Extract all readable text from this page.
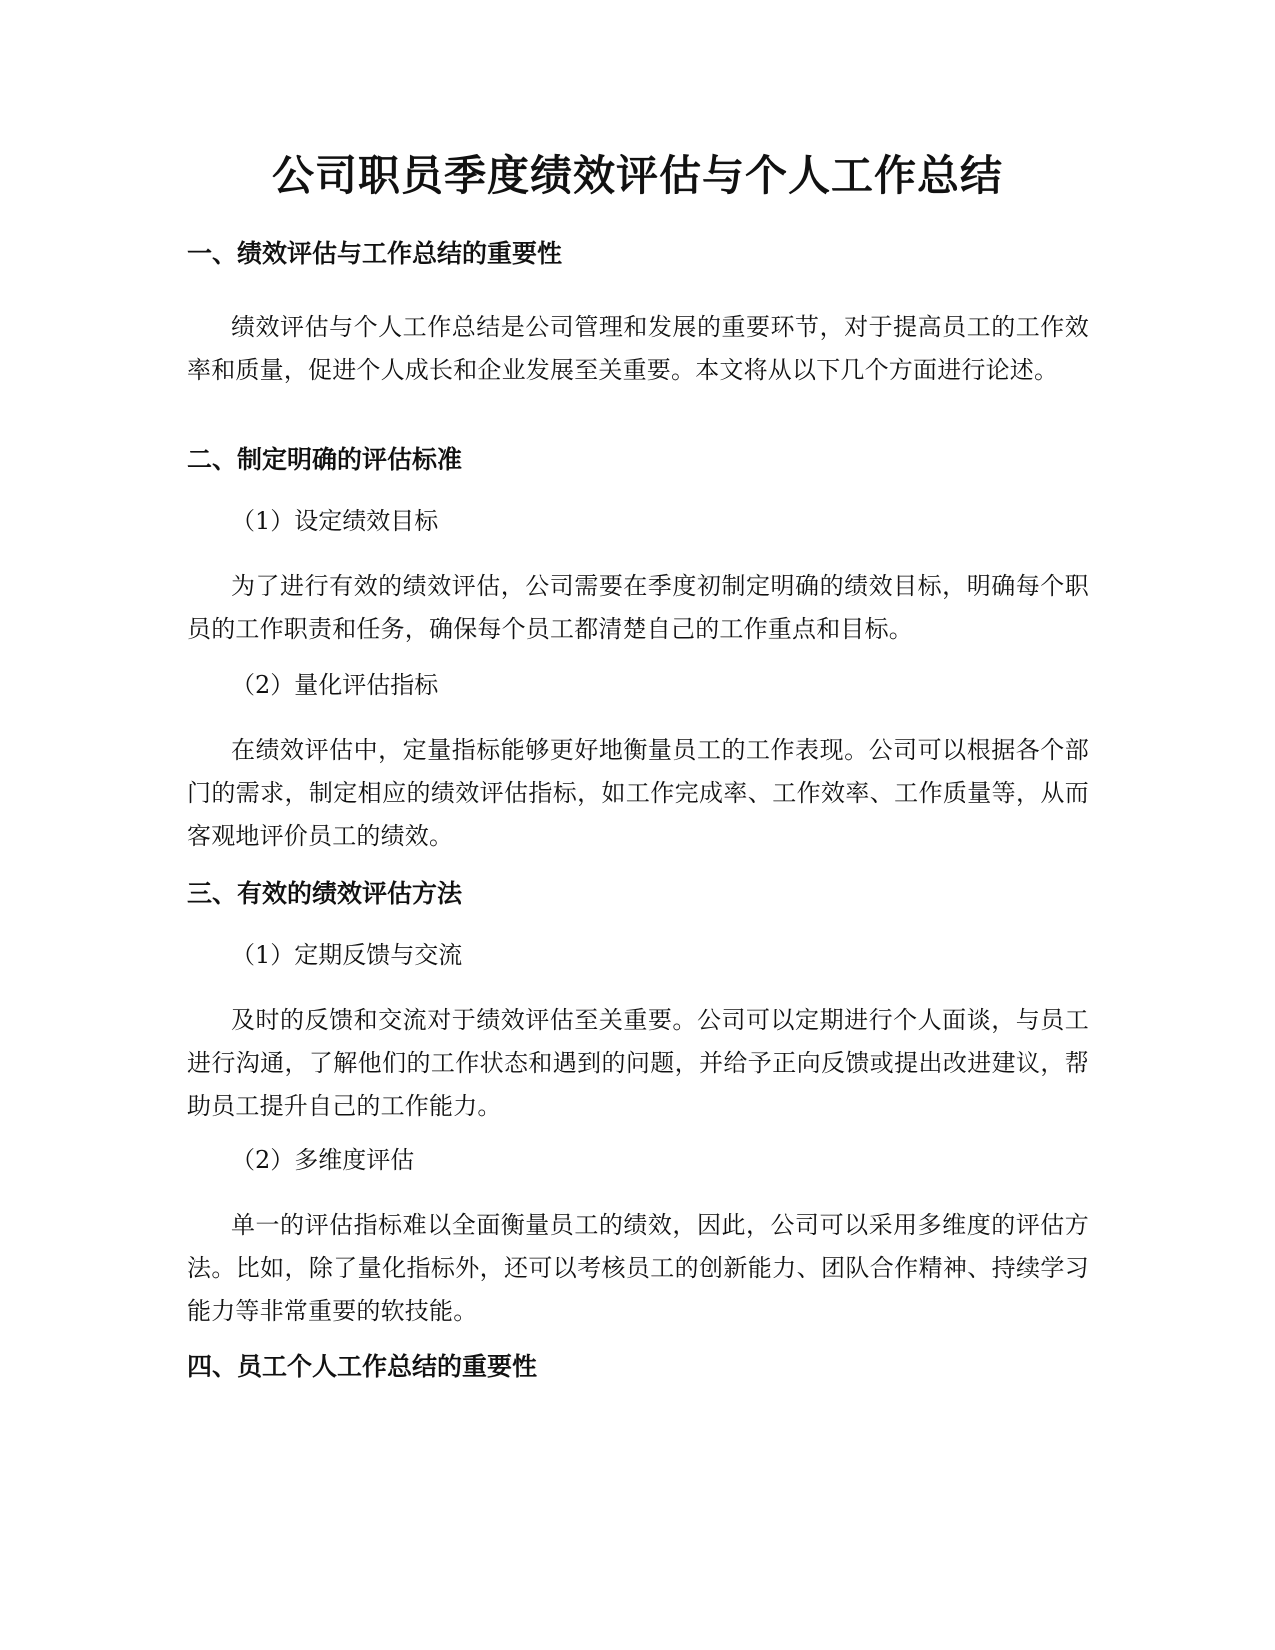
公司职员季度绩效评估与个人工作总结
一、绩效评估与工作总结的重要性

绩效评估与个人工作总结是公司管理和发展的重要环节，对于提高员工的工作效率和质量，促进个人成长和企业发展至关重要。本文将从以下几个方面进行论述。

二、制定明确的评估标准

（1）设定绩效目标

为了进行有效的绩效评估，公司需要在季度初制定明确的绩效目标，明确每个职员的工作职责和任务，确保每个员工都清楚自己的工作重点和目标。

（2）量化评估指标

在绩效评估中，定量指标能够更好地衡量员工的工作表现。公司可以根据各个部门的需求，制定相应的绩效评估指标，如工作完成率、工作效率、工作质量等，从而客观地评价员工的绩效。

三、有效的绩效评估方法

（1）定期反馈与交流

及时的反馈和交流对于绩效评估至关重要。公司可以定期进行个人面谈，与员工进行沟通，了解他们的工作状态和遇到的问题，并给予正向反馈或提出改进建议，帮助员工提升自己的工作能力。

（2）多维度评估

单一的评估指标难以全面衡量员工的绩效，因此，公司可以采用多维度的评估方法。比如，除了量化指标外，还可以考核员工的创新能力、团队合作精神、持续学习能力等非常重要的软技能。

四、员工个人工作总结的重要性
